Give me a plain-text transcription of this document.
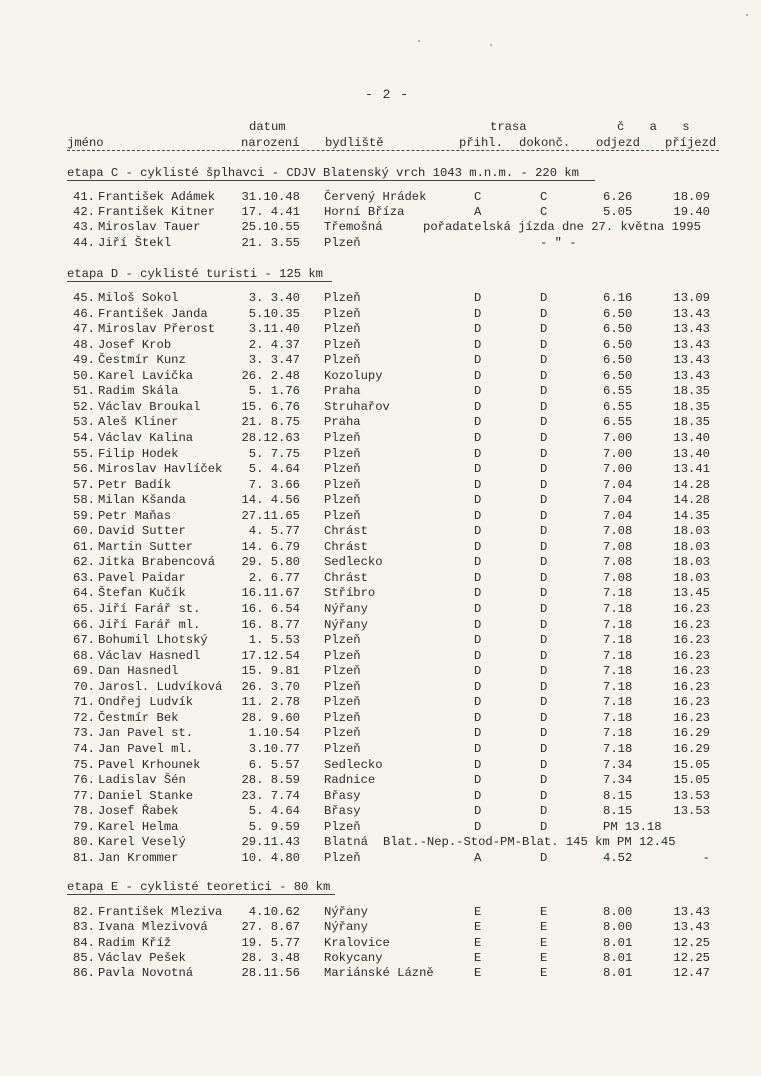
- 2 -
datum	trasa	č a s
jméno	narození bydliště	přihl. dokonč. odjezd příjezd
etapa C - cyklisté šplhavci - CDJV Blatenský vrch 1043 m.n.m. - 220 km
41. František Adámek	31.10.48 Červený Hrádek	C	C	6.26	18.09
42. František Kitner	17. 4.41 Horní Bříza	A	C	5.05	19.40
43. Miroslav Tauer	25.10.55 Třemošná	pořadatelská jízda dne 27. května 1995
44. Jiří Štekl	21. 3.55 Plzeň	- " -
etapa D - cyklisté turisti - 125 km
45. Miloš Sokol	3. 3.40 Plzeň	D	D	6.16	13.09
46. František Janda	5.10.35 Plzeň	D	D	6.50	13.43
47. Miroslav Přerost	3.11.40 Plzeň	D	D	6.50	13.43
48. Josef Krob	2. 4.37 Plzeň	D	D	6.50	13.43
49. Čestmír Kunz	3. 3.47 Plzeň	D	D	6.50	13.43
50. Karel Lavička	26. 2.48 Kozolupy	D	D	6.50	13.43
51. Radim Skála	5. 1.76 Praha	D	D	6.55	18.35
52. Václav Broukal	15. 6.76 Struhařov	D	D	6.55	18.35
53. Aleš Kliner	21. 8.75 Praha	D	D	6.55	18.35
54. Václav Kalina	28.12.63 Plzeň	D	D	7.00	13.40
55. Filip Hodek	5. 7.75 Plzeň	D	D	7.00	13.40
56. Miroslav Havlíček	5. 4.64 Plzeň	D	D	7.00	13.41
57. Petr Badík	7. 3.66 Plzeň	D	D	7.04	14.28
58. Milan Kšanda	14. 4.56 Plzeň	D	D	7.04	14.28
59. Petr Maňas	27.11.65 Plzeň	D	D	7.04	14.35
60. David Sutter	4. 5.77 Chrást	D	D	7.08	18.03
61. Martin Sutter	14. 6.79 Chrást	D	D	7.08	18.03
62. Jitka Brabencová	29. 5.80 Sedlecko	D	D	7.08	18.03
63. Pavel Paidar	2. 6.77 Chrást	D	D	7.08	18.03
64. Štefan Kučík	16.11.67 Stříbro	D	D	7.18	13.45
65. Jiří Farář st.	16. 6.54 Nýřany	D	D	7.18	16.23
66. Jiří Farář ml.	16. 8.77 Nýřany	D	D	7.18	16.23
67. Bohumil Lhotský	1. 5.53 Plzeň	D	D	7.18	16.23
68. Václav Hasnedl	17.12.54 Plzeň	D	D	7.18	16.23
69. Dan Hasnedl	15. 9.81 Plzeň	D	D	7.18	16.23
70. Jarosl. Ludvíková	26. 3.70 Plzeň	D	D	7.18	16.23
71. Ondřej Ludvík	11. 2.78 Plzeň	D	D	7.18	16.23
72. Čestmír Bek	28. 9.60 Plzeň	D	D	7.18	16.23
73. Jan Pavel st.	1.10.54 Plzeň	D	D	7.18	16.29
74. Jan Pavel ml.	3.10.77 Plzeň	D	D	7.18	16.29
75. Pavel Krhounek	6. 5.57 Sedlecko	D	D	7.34	15.05
76. Ladislav Šén	28. 8.59 Radnice	D	D	7.34	15.05
77. Daniel Stanke	23. 7.74 Břasy	D	D	8.15	13.53
78. Josef Řabek	5. 4.64 Břasy	D	D	8.15	13.53
79. Karel Helma	5. 9.59 Plzeň	D	D	PM 13.18
80. Karel Veselý	29.11.43 Blatná Blat.-Nep.-Stod-PM-Blat. 145 km PM 12.45
81. Jan Krommer	10. 4.80 Plzeň	A	D	4.52	-
etapa E - cyklisté teoretici - 80 km
82. František Mleziva	4.10.62 Nýřany	E	E	8.00	13.43
83. Ivana Mlezivová	27. 8.67 Nýřany	E	E	8.00	13.43
84. Radim Kříž	19. 5.77 Kralovice	E	E	8.01	12.25
85. Václav Pešek	28. 3.48 Rokycany	E	E	8.01	12.25
86. Pavla Novotná	28.11.56 Mariánské Lázně	E	E	8.01	12.47
